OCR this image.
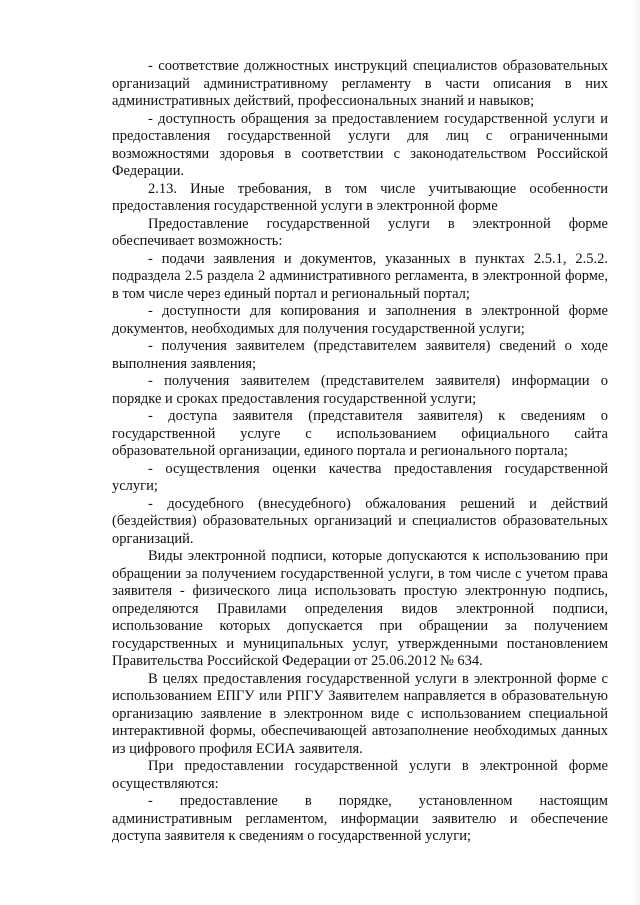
- соответствие должностных инструкций специалистов образовательных организаций административному регламенту в части описания в них административных действий, профессиональных знаний и навыков;

- доступность обращения за предоставлением государственной услуги и предоставления государственной услуги для лиц с ограниченными возможностями здоровья в соответствии с законодательством Российской Федерации.

2.13. Иные требования, в том числе учитывающие особенности предоставления государственной услуги в электронной форме

Предоставление государственной услуги в электронной форме обеспечивает возможность:

- подачи заявления и документов, указанных в пунктах 2.5.1, 2.5.2. подраздела 2.5 раздела 2 административного регламента, в электронной форме, в том числе через единый портал и региональный портал;

- доступности для копирования и заполнения в электронной форме документов, необходимых для получения государственной услуги;

- получения заявителем (представителем заявителя) сведений о ходе выполнения заявления;

- получения заявителем (представителем заявителя) информации о порядке и сроках предоставления государственной услуги;

- доступа заявителя (представителя заявителя) к сведениям о государственной услуге с использованием официального сайта образовательной организации, единого портала и регионального портала;

- осуществления оценки качества предоставления государственной услуги;

- досудебного (внесудебного) обжалования решений и действий (бездействия) образовательных организаций и специалистов образовательных организаций.

Виды электронной подписи, которые допускаются к использованию при обращении за получением государственной услуги, в том числе с учетом права заявителя - физического лица использовать простую электронную подпись, определяются Правилами определения видов электронной подписи, использование которых допускается при обращении за получением государственных и муниципальных услуг, утвержденными постановлением Правительства Российской Федерации от 25.06.2012 № 634.

В целях предоставления государственной услуги в электронной форме с использованием ЕПГУ или РПГУ Заявителем направляется в образовательную организацию заявление в электронном виде с использованием специальной интерактивной формы, обеспечивающей автозаполнение необходимых данных из цифрового профиля ЕСИА заявителя.

При предоставлении государственной услуги в электронной форме осуществляются:

- предоставление в порядке, установленном настоящим административным регламентом, информации заявителю и обеспечение доступа заявителя к сведениям о государственной услуги;
